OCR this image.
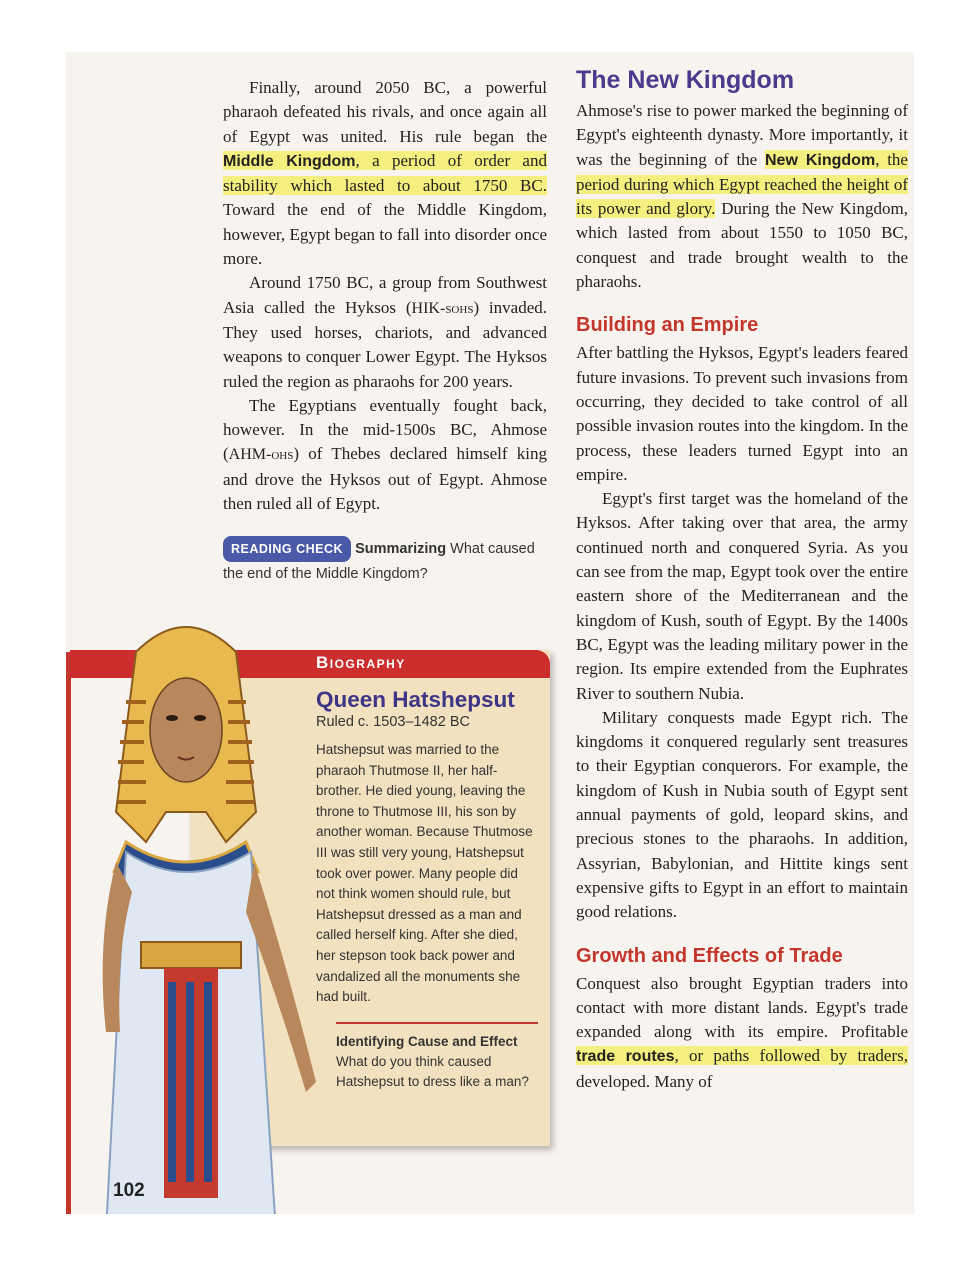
Finally, around 2050 BC, a powerful pharaoh defeated his rivals, and once again all of Egypt was united. His rule began the Middle Kingdom, a period of order and stability which lasted to about 1750 BC. Toward the end of the Middle Kingdom, however, Egypt began to fall into disorder once more.

Around 1750 BC, a group from Southwest Asia called the Hyksos (HIK-sohs) invaded. They used horses, chariots, and advanced weapons to conquer Lower Egypt. The Hyksos ruled the region as pharaohs for 200 years.

The Egyptians eventually fought back, however. In the mid-1500s BC, Ahmose (AHM-ohs) of Thebes declared himself king and drove the Hyksos out of Egypt. Ahmose then ruled all of Egypt.

READING CHECK Summarizing What caused the end of the Middle Kingdom?
Biography

Queen Hatshepsut

Ruled c. 1503–1482 BC

Hatshepsut was married to the pharaoh Thutmose II, her half-brother. He died young, leaving the throne to Thutmose III, his son by another woman. Because Thutmose III was still very young, Hatshepsut took over power. Many people did not think women should rule, but Hatshepsut dressed as a man and called herself king. After she died, her stepson took back power and vandalized all the monuments she had built.

Identifying Cause and Effect
What do you think caused Hatshepsut to dress like a man?

The New Kingdom

Ahmose's rise to power marked the beginning of Egypt's eighteenth dynasty. More importantly, it was the beginning of the New Kingdom, the period during which Egypt reached the height of its power and glory. During the New Kingdom, which lasted from about 1550 to 1050 BC, conquest and trade brought wealth to the pharaohs.

Building an Empire

After battling the Hyksos, Egypt's leaders feared future invasions. To prevent such invasions from occurring, they decided to take control of all possible invasion routes into the kingdom. In the process, these leaders turned Egypt into an empire.

Egypt's first target was the homeland of the Hyksos. After taking over that area, the army continued north and conquered Syria. As you can see from the map, Egypt took over the entire eastern shore of the Mediterranean and the kingdom of Kush, south of Egypt. By the 1400s BC, Egypt was the leading military power in the region. Its empire extended from the Euphrates River to southern Nubia.

Military conquests made Egypt rich. The kingdoms it conquered regularly sent treasures to their Egyptian conquerors. For example, the kingdom of Kush in Nubia south of Egypt sent annual payments of gold, leopard skins, and precious stones to the pharaohs. In addition, Assyrian, Babylonian, and Hittite kings sent expensive gifts to Egypt in an effort to maintain good relations.

Growth and Effects of Trade

Conquest also brought Egyptian traders into contact with more distant lands. Egypt's trade expanded along with its empire. Profitable trade routes, or paths followed by traders, developed. Many of

102
